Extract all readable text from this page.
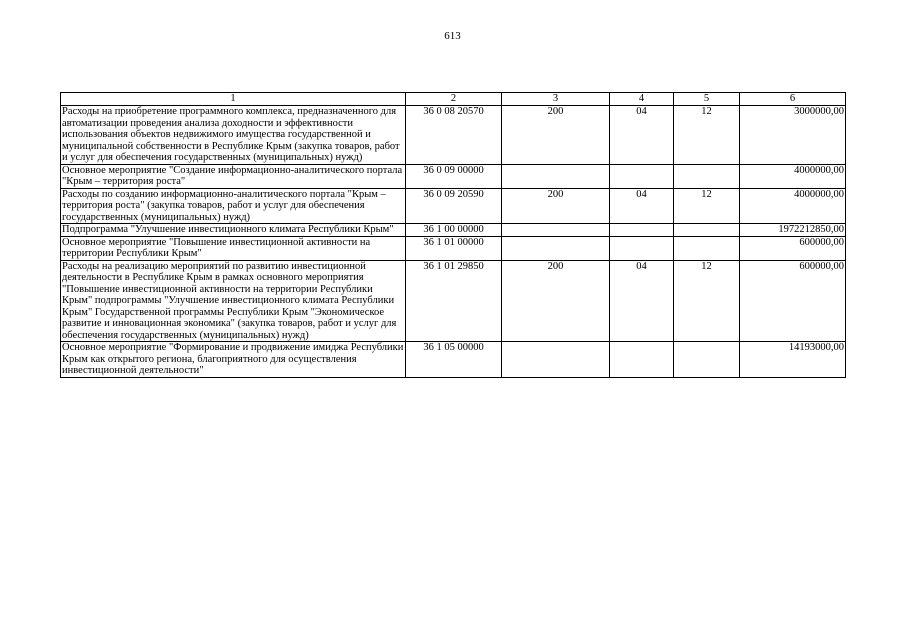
613
1	2	3	4	5	6
Расходы на приобретение программного комплекса, предназначенного для автоматизации проведения анализа доходности и эффективности использования объектов недвижимого имущества государственной и муниципальной собственности в Республике Крым (закупка товаров, работ и услуг для обеспечения государственных (муниципальных) нужд)	36 0 08 20570	200	04	12	3000000,00
Основное мероприятие "Создание информационно-аналитического портала "Крым – территория роста"	36 0 09 00000				4000000,00
Расходы по созданию информационно-аналитического портала "Крым – территория роста" (закупка товаров, работ и услуг для обеспечения государственных (муниципальных) нужд)	36 0 09 20590	200	04	12	4000000,00
Подпрограмма "Улучшение инвестиционного климата Республики Крым"	36 1 00 00000				1972212850,00
Основное мероприятие "Повышение инвестиционной активности на территории Республики Крым"	36 1 01 00000				600000,00
Расходы на реализацию мероприятий по развитию инвестиционной деятельности в Республике Крым в рамках основного мероприятия "Повышение инвестиционной активности на территории Республики Крым" подпрограммы "Улучшение инвестиционного климата Республики Крым" Государственной программы Республики Крым "Экономическое развитие и инновационная экономика" (закупка товаров, работ и услуг для обеспечения государственных (муниципальных) нужд)	36 1 01 29850	200	04	12	600000,00
Основное мероприятие "Формирование и продвижение имиджа Республики Крым как открытого региона, благоприятного для осуществления инвестиционной деятельности"	36 1 05 00000				14193000,00
